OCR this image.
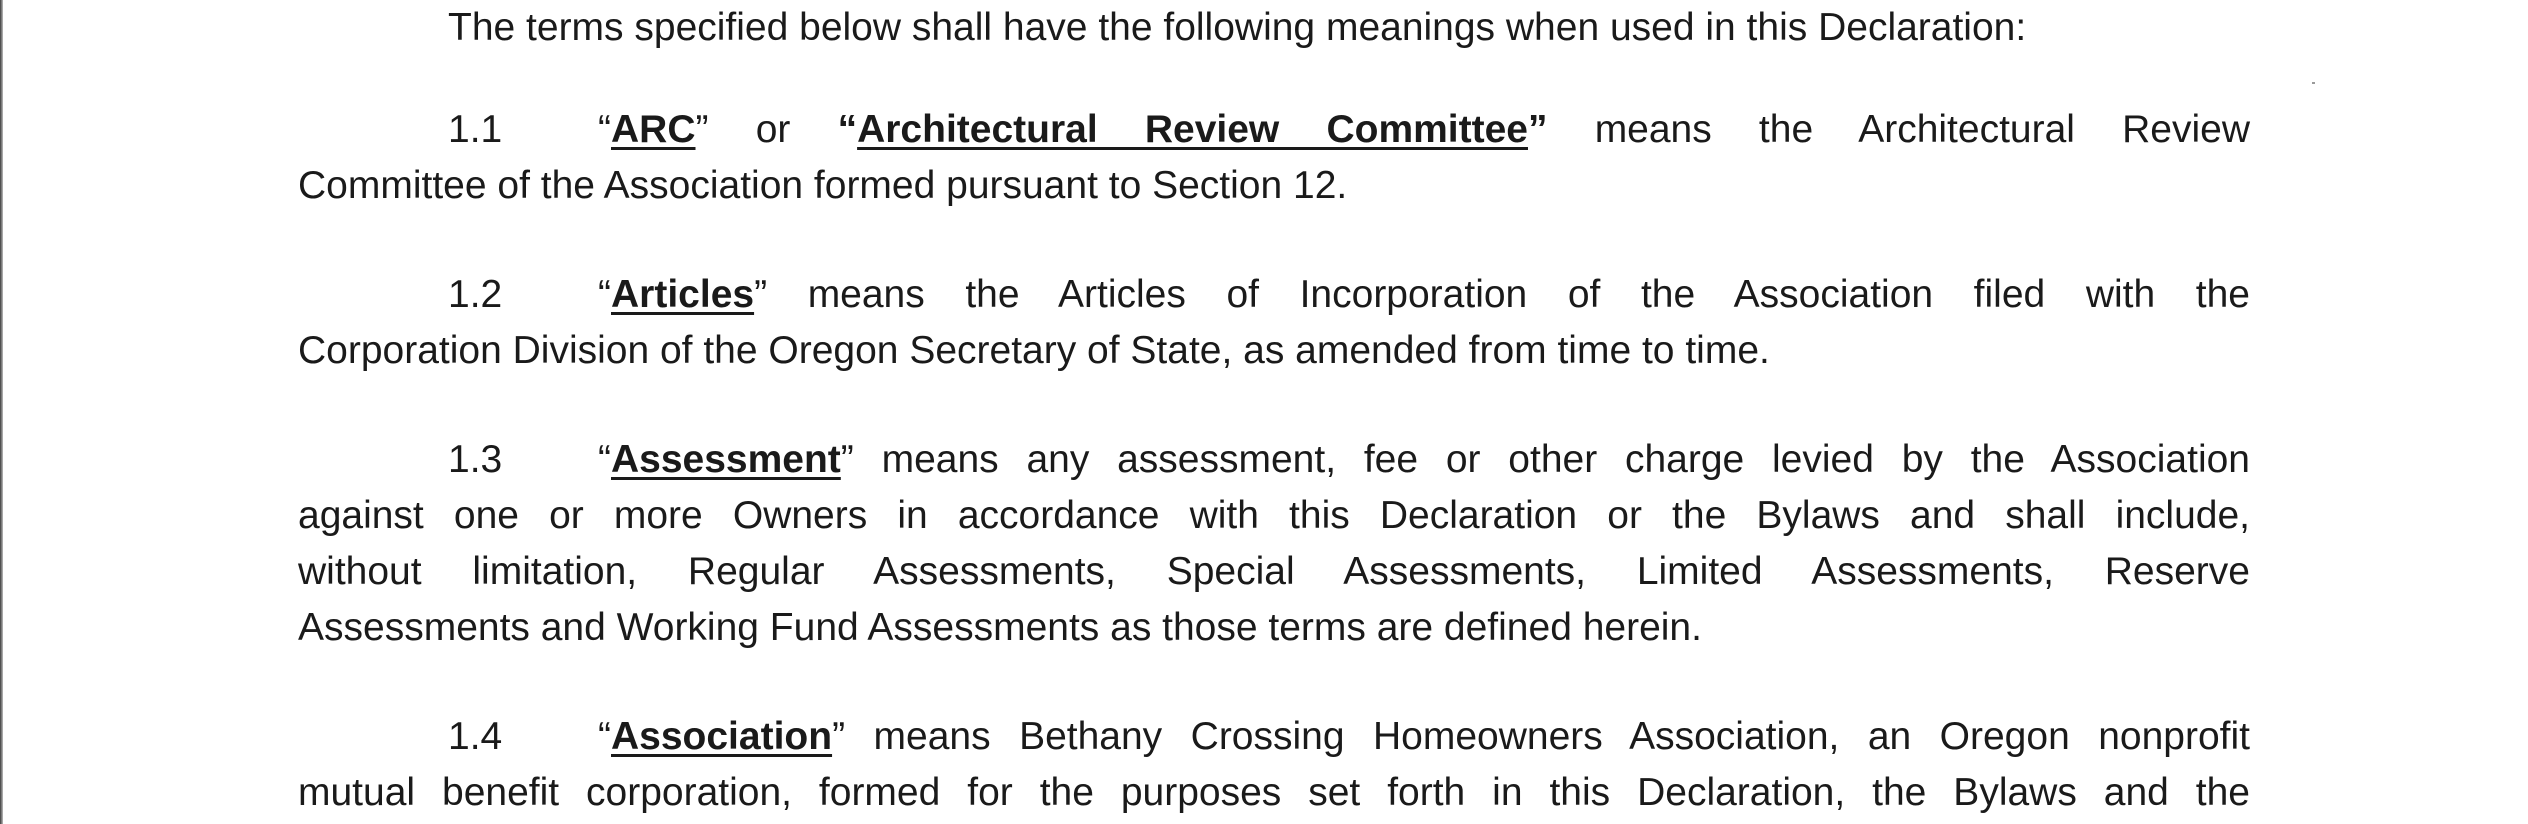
The terms specified below shall have the following meanings when used in this Declaration:
1.1 “ARC” or “Architectural Review Committee” means the Architectural Review
Committee of the Association formed pursuant to Section 12.
1.2 “Articles” means the Articles of Incorporation of the Association filed with the
Corporation Division of the Oregon Secretary of State, as amended from time to time.
1.3 “Assessment” means any assessment, fee or other charge levied by the Association
against one or more Owners in accordance with this Declaration or the Bylaws and shall include,
without limitation, Regular Assessments, Special Assessments, Limited Assessments, Reserve
Assessments and Working Fund Assessments as those terms are defined herein.
1.4 “Association” means Bethany Crossing Homeowners Association, an Oregon nonprofit
mutual benefit corporation, formed for the purposes set forth in this Declaration, the Bylaws and the
